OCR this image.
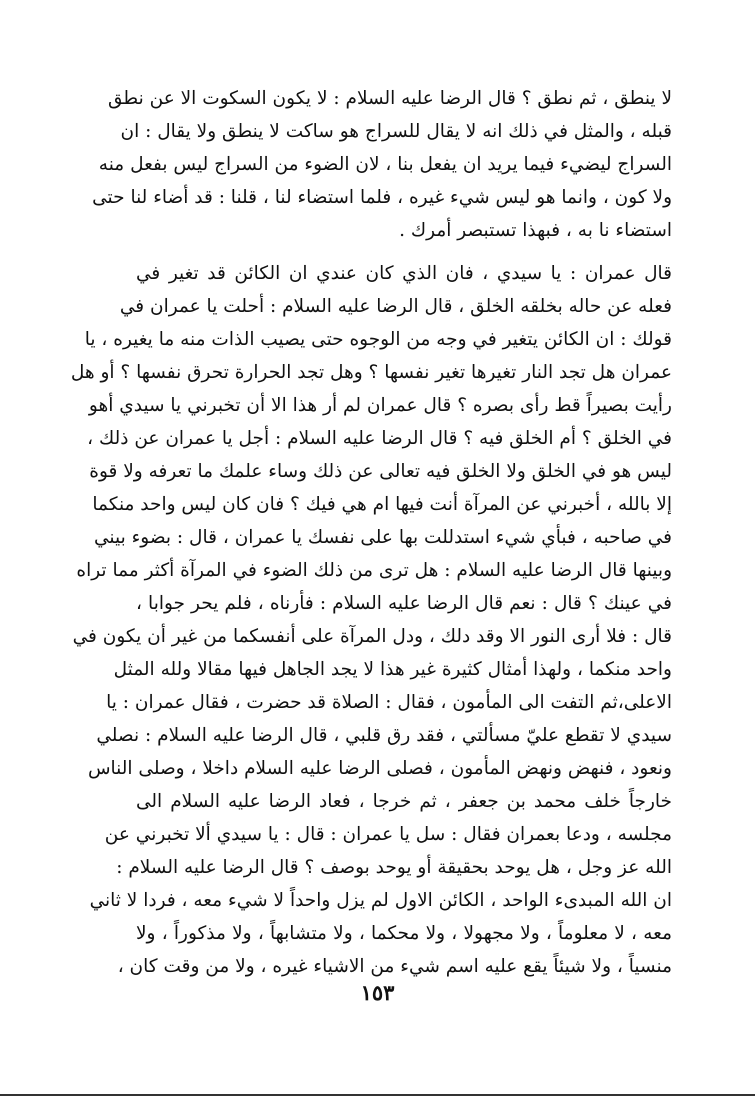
لا ينطق ، ثم نطق ؟ قال الرضا عليه السلام : لا يكون السكوت الا عن نطق
قبله ، والمثل في ذلك انه لا يقال للسراج هو ساكت لا ينطق ولا يقال : ان
السراج ليضيء فيما يريد ان يفعل بنا ، لان الضوء من السراج ليس بفعل منه
ولا كون ، وانما هو ليس شيء غيره ، فلما استضاء لنا ، قلنا : قد أضاء لنا حتى
استضاء نا به ، فبهذا تستبصر أمرك .
قال عمران : يا سيدي ، فان الذي كان عندي ان الكائن قد تغير في
فعله عن حاله بخلقه الخلق ، قال الرضا عليه السلام : أحلت يا عمران في
قولك : ان الكائن يتغير في وجه من الوجوه حتى يصيب الذات منه ما يغيره ، يا
عمران هل تجد النار تغيرها تغير نفسها ؟ وهل تجد الحرارة تحرق نفسها ؟ أو هل
رأيت بصيراً قط رأى بصره ؟ قال عمران لم أر هذا الا أن تخبرني يا سيدي أهو
في الخلق ؟ أم الخلق فيه ؟ قال الرضا عليه السلام : أجل يا عمران عن ذلك ،
ليس هو في الخلق ولا الخلق فيه تعالى عن ذلك وساء علمك ما تعرفه ولا قوة
إلا بالله ، أخبرني عن المرآة أنت فيها ام هي فيك ؟ فان كان ليس واحد منكما
في صاحبه ، فبأي شيء استدللت بها على نفسك يا عمران ، قال : بضوء بيني
وبينها قال الرضا عليه السلام : هل ترى من ذلك الضوء في المرآة أكثر مما تراه
في عينك ؟ قال : نعم قال الرضا عليه السلام : فأرناه ، فلم يحر جوابا ،
قال : فلا أرى النور الا وقد دلك ، ودل المرآة على أنفسكما من غير أن يكون في
واحد منكما ، ولهذا أمثال كثيرة غير هذا لا يجد الجاهل فيها مقالا ولله المثل
الاعلى،ثم التفت الى المأمون ، فقال : الصلاة قد حضرت ، فقال عمران : يا
سيدي لا تقطع عليّ مسألتي ، فقد رق قلبي ، قال الرضا عليه السلام : نصلي
ونعود ، فنهض ونهض المأمون ، فصلى الرضا عليه السلام داخلا ، وصلى الناس
خارجاً خلف محمد بن جعفر ، ثم خرجا ، فعاد الرضا عليه السلام الى
مجلسه ، ودعا بعمران فقال : سل يا عمران : قال : يا سيدي ألا تخبرني عن
الله عز وجل ، هل يوحد بحقيقة أو يوحد بوصف ؟ قال الرضا عليه السلام :
ان الله المبدىء الواحد ، الكائن الاول لم يزل واحداً لا شيء معه ، فردا لا ثاني
معه ، لا معلوماً ، ولا مجهولا ، ولا محكما ، ولا متشابهاً ، ولا مذكوراً ، ولا
منسياً ، ولا شيئاً يقع عليه اسم شيء من الاشياء غيره ، ولا من وقت كان ،
١٥٣
